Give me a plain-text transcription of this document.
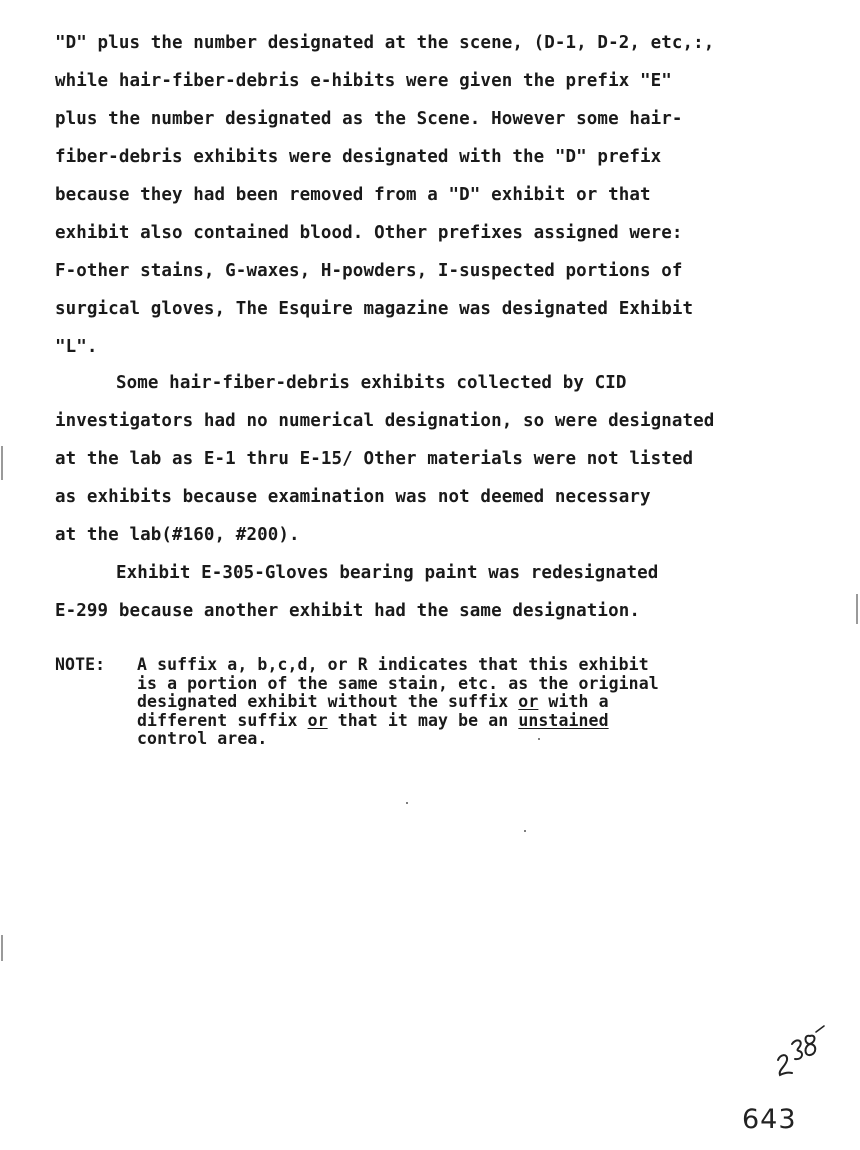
"D" plus the number designated at the scene, (D-1, D-2, etc,:,
while hair-fiber-debris e-hibits were given the prefix "E"
plus the number designated as the Scene. However some hair-
fiber-debris exhibits were designated with the "D" prefix
because they had been removed from a "D" exhibit or that
exhibit also contained blood. Other prefixes assigned were:
F-other stains, G-waxes, H-powders, I-suspected portions of
surgical gloves, The Esquire magazine was designated Exhibit
"L".
Some hair-fiber-debris exhibits collected by CID
investigators had no numerical designation, so were designated
at the lab as E-1 thru E-15/ Other materials were not listed
as exhibits because examination was not deemed necessary
at the lab(#160, #200).
Exhibit E-305-Gloves bearing paint was redesignated
E-299 because another exhibit had the same designation.
NOTE: A suffix a, b,c,d, or R indicates that this exhibit
is a portion of the same stain, etc. as the original
designated exhibit without the suffix or with a
different suffix or that it may be an unstained
control area.
643
